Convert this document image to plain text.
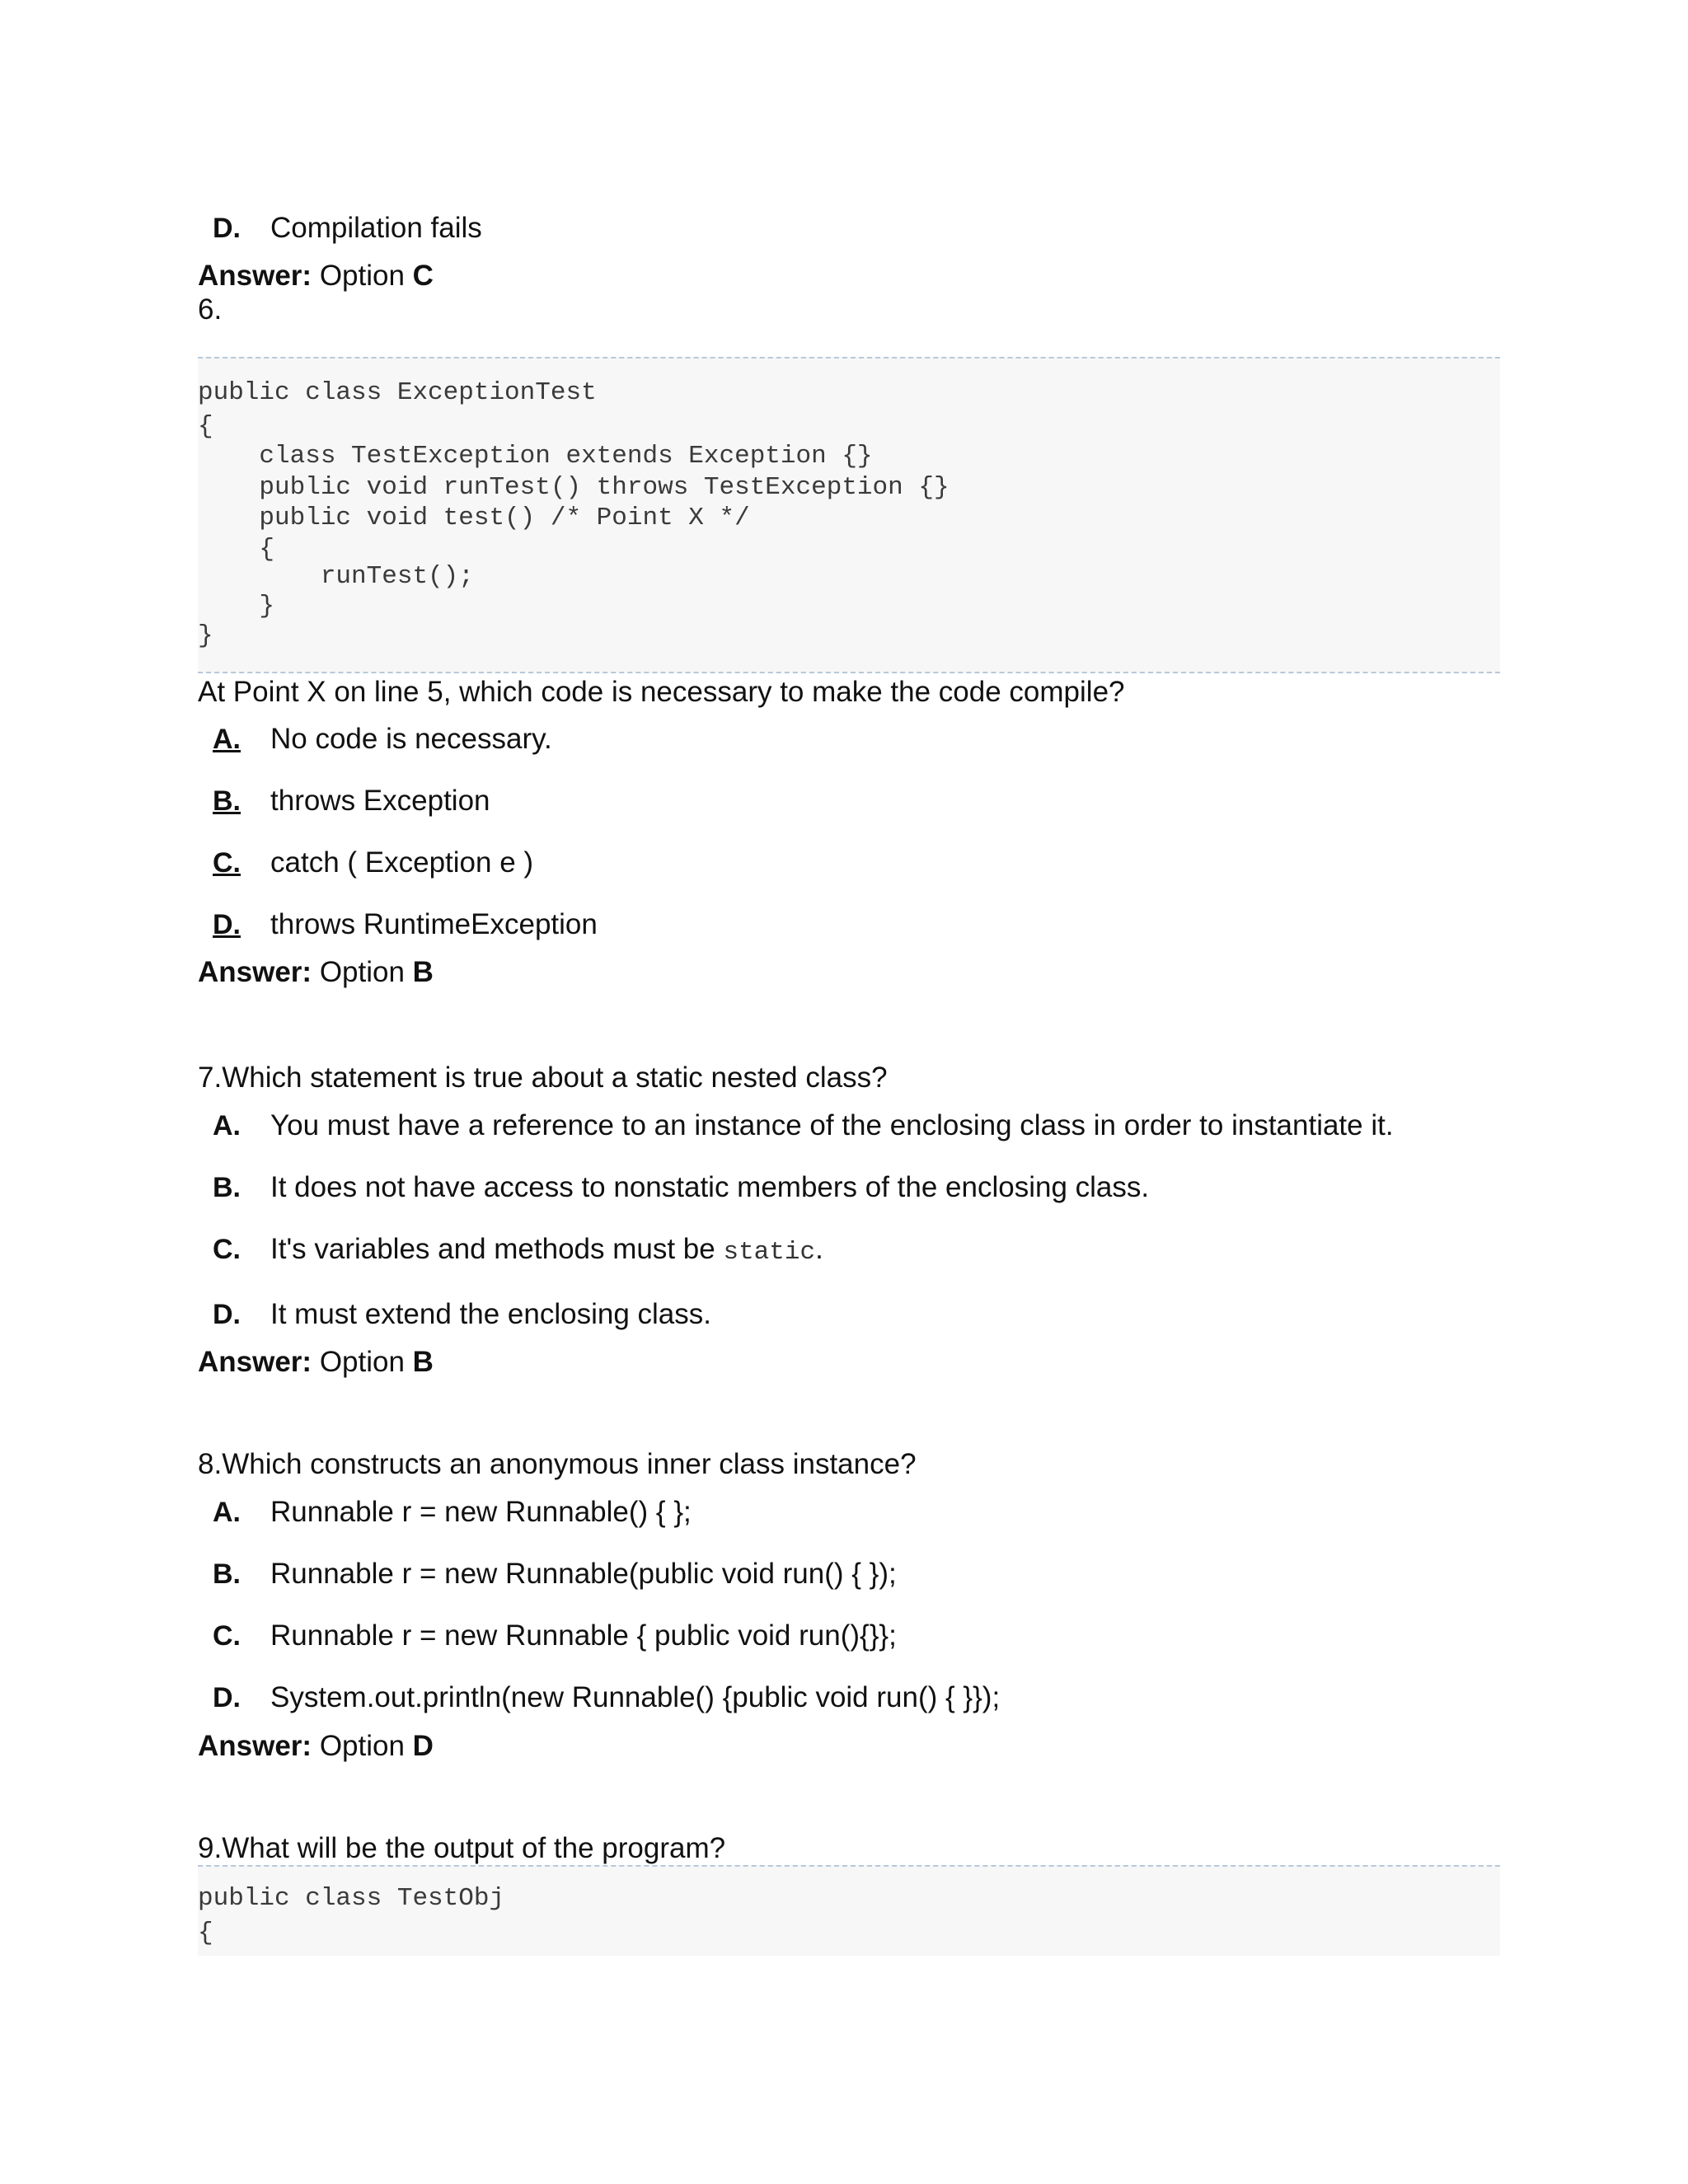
D. Compilation fails
Answer: Option C
6.
public class ExceptionTest
{
class TestException extends Exception {}
public void runTest() throws TestException {}
public void test() /* Point X */
{
runTest();
}
}
At Point X on line 5, which code is necessary to make the code compile?
A. No code is necessary.
B. throws Exception
C. catch ( Exception e )
D. throws RuntimeException
Answer: Option B
7.Which statement is true about a static nested class?
A. You must have a reference to an instance of the enclosing class in order to instantiate it.
B. It does not have access to nonstatic members of the enclosing class.
C. It's variables and methods must be static.
D. It must extend the enclosing class.
Answer: Option B
8.Which constructs an anonymous inner class instance?
A. Runnable r = new Runnable() { };
B. Runnable r = new Runnable(public void run() { });
C. Runnable r = new Runnable { public void run(){}};
D. System.out.println(new Runnable() {public void run() { }});
Answer: Option D
9.What will be the output of the program?
public class TestObj
{
